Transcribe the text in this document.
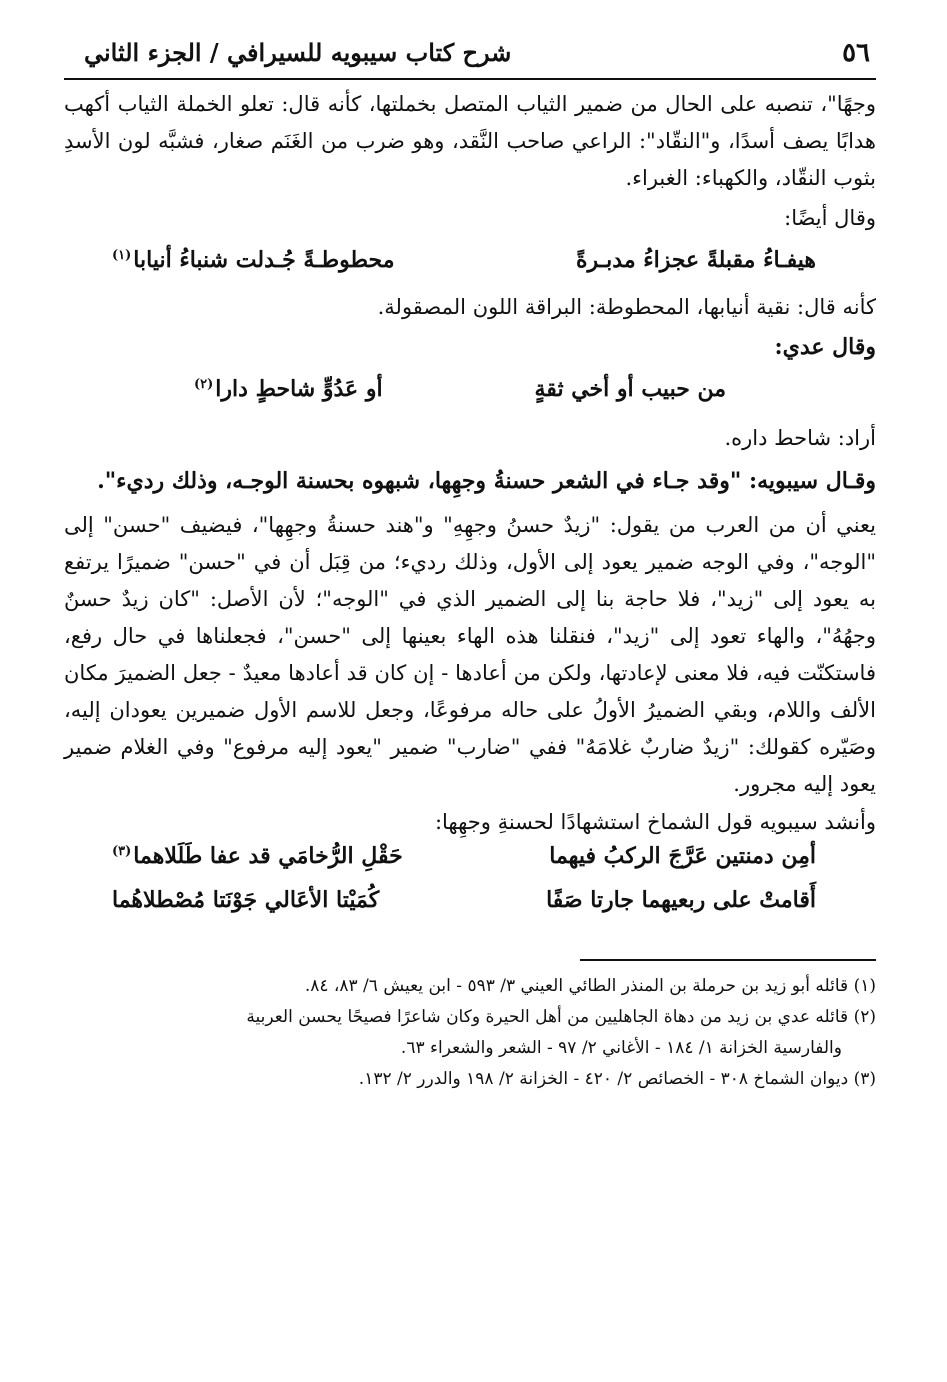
٥٦
شرح كتاب سيبويه للسيرافي / الجزء الثاني

وجهًا"، تنصبه على الحال من ضمير الثياب المتصل بخملتها، كأنه قال: تعلو الخملة الثياب أكهب هدابًا يصف أسدًا، و"النقّاد": الراعي صاحب النَّقد، وهو ضرب من الغَنَم صغار، فشبَّه لون الأسدِ بثوب النقّاد، والكهباء: الغبراء.

وقال أيضًا:

هيفـاءُ مقبلةً عجزاءُ مدبـرةً
محطوطـةً جُـدلت شنباءُ أنيابا$^{(١)}$

كأنه قال: نقية أنيابها، المحطوطة: البراقة اللون المصقولة.

وقال عدي:

من حبيب أو أخي ثقةٍ
أو عَدُوٍّ شاحطٍ دارا$^{(٢)}$

أراد: شاحط داره.

وقـال سيبويه: "وقد جـاء في الشعر حسنةُ وجهِها، شبهوه بحسنة الوجـه، وذلك رديء".

يعني أن من العرب من يقول: "زيدٌ حسنُ وجهِهِ" و"هند حسنةُ وجهِها"، فيضيف "حسن" إلى "الوجه"، وفي الوجه ضمير يعود إلى الأول، وذلك رديء؛ من قِبَل أن في "حسن" ضميرًا يرتفع به يعود إلى "زيد"، فلا حاجة بنا إلى الضمير الذي في "الوجه"؛ لأن الأصل: "كان زيدٌ حسنٌ وجهُهُ"، والهاء تعود إلى "زيد"، فنقلنا هذه الهاء بعينها إلى "حسن"، فجعلناها في حال رفع، فاستكنّت فيه، فلا معنى لإعادتها، ولكن من أعادها - إن كان قد أعادها معيدٌ - جعل الضميرَ مكان الألف واللام، وبقي الضميرُ الأولُ على حاله مرفوعًا، وجعل للاسم الأول ضميرين يعودان إليه، وصَيّره كقولك: "زيدٌ ضاربٌ غلامَهُ" ففي "ضارب" ضمير "يعود إليه مرفوع" وفي الغلام ضمير يعود إليه مجرور.

وأنشد سيبويه قول الشماخ استشهادًا لحسنةِ وجهِها:

أمِن دمنتين عَرَّجَ الركبُ فيهما
حَقْلِ الرُّخامَي قد عفا طَلَلاهما$^{(٣)}$
أَقامتْ على ربعيهما جارتا صَفًا
كُمَيْتا الأعَالي جَوْنَتا مُصْطلاهُما

(١) قائله أبو زيد بن حرملة بن المنذر الطائي العيني ٣/ ٥٩٣ - ابن يعيش ٦/ ٨٣، ٨٤.

(٢) قائله عدي بن زيد من دهاة الجاهليين من أهل الحيرة وكان شاعرًا فصيحًا يحسن العربية

والفارسية الخزانة ١/ ١٨٤ - الأغاني ٢/ ٩٧ - الشعر والشعراء ٦٣.

(٣) ديوان الشماخ ٣٠٨ - الخصائص ٢/ ٤٢٠ - الخزانة ٢/ ١٩٨ والدرر ٢/ ١٣٢.
